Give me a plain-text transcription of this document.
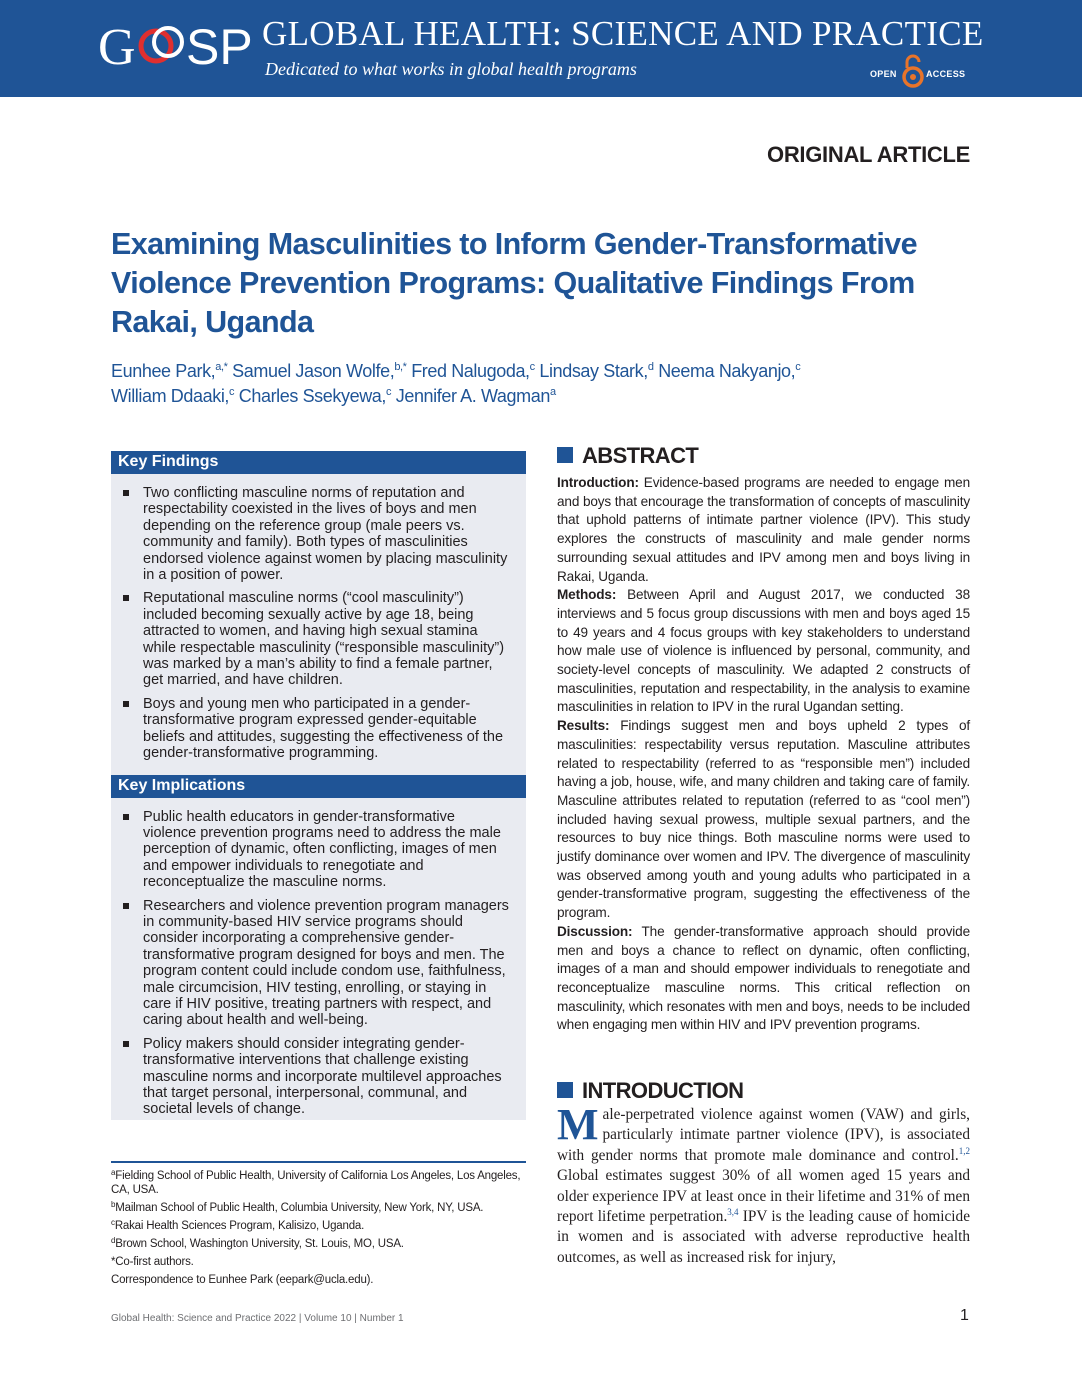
G SP GLOBAL HEALTH: SCIENCE AND PRACTICE
Dedicated to what works in global health programs	OPEN	ACCESS
ORIGINAL ARTICLE
Examining Masculinities to Inform Gender-Transformative Violence Prevention Programs: Qualitative Findings From Rakai, Uganda
Eunhee Park,$^{a,*}$ Samuel Jason Wolfe,$^{b,*}$ Fred Nalugoda,$^c$ Lindsay Stark,$^d$ Neema Nakyanjo,$^c$
William Ddaaki,$^c$ Charles Ssekyewa,$^c$ Jennifer A. Wagman$^a$
Key Findings
Two conflicting masculine norms of reputation and respectability coexisted in the lives of boys and men depending on the reference group (male peers vs. community and family). Both types of masculinities endorsed violence against women by placing masculinity in a position of power.
Reputational masculine norms (“cool masculinity”) included becoming sexually active by age 18, being attracted to women, and having high sexual stamina while respectable masculinity (“responsible masculinity”) was marked by a man’s ability to find a female partner, get married, and have children.
Boys and young men who participated in a gender-transformative program expressed gender-equitable beliefs and attitudes, suggesting the effectiveness of the gender-transformative programming.
Key Implications
Public health educators in gender-transformative violence prevention programs need to address the male perception of dynamic, often conflicting, images of men and empower individuals to renegotiate and reconceptualize the masculine norms.
Researchers and violence prevention program managers in community-based HIV service programs should consider incorporating a comprehensive gender-transformative program designed for boys and men. The program content could include condom use, faithfulness, male circumcision, HIV testing, enrolling, or staying in care if HIV positive, treating partners with respect, and caring about health and well-being.
Policy makers should consider integrating gender-transformative interventions that challenge existing masculine norms and incorporate multilevel approaches that target personal, interpersonal, communal, and societal levels of change.

$^a$Fielding School of Public Health, University of California Los Angeles, Los Angeles, CA, USA.

$^b$Mailman School of Public Health, Columbia University, New York, NY, USA.

$^c$Rakai Health Sciences Program, Kalisizo, Uganda.

$^d$Brown School, Washington University, St. Louis, MO, USA.

*Co-first authors.

Correspondence to Eunhee Park (eepark@ucla.edu).

ABSTRACT

Introduction: Evidence-based programs are needed to engage men and boys that encourage the transformation of concepts of masculinity that uphold patterns of intimate partner violence (IPV). This study explores the constructs of masculinity and male gender norms surrounding sexual attitudes and IPV among men and boys living in Rakai, Uganda.

Methods: Between April and August 2017, we conducted 38 interviews and 5 focus group discussions with men and boys aged 15 to 49 years and 4 focus groups with key stakeholders to understand how male use of violence is influenced by personal, community, and society-level concepts of masculinity. We adapted 2 constructs of masculinities, reputation and respectability, in the analysis to examine masculinities in relation to IPV in the rural Ugandan setting.

Results: Findings suggest men and boys upheld 2 types of masculinities: respectability versus reputation. Masculine attributes related to respectability (referred to as “responsible men”) included having a job, house, wife, and many children and taking care of family. Masculine attributes related to reputation (referred to as “cool men”) included having sexual prowess, multiple sexual partners, and the resources to buy nice things. Both masculine norms were used to justify dominance over women and IPV. The divergence of masculinity was observed among youth and young adults who participated in a gender-transformative program, suggesting the effectiveness of the program.

Discussion: The gender-transformative approach should provide men and boys a chance to reflect on dynamic, often conflicting, images of a man and should empower individuals to renegotiate and reconceptualize masculine norms. This critical reflection on masculinity, which resonates with men and boys, needs to be included when engaging men within HIV and IPV prevention programs.

INTRODUCTION
Male-perpetrated violence against women (VAW) and girls, particularly intimate partner violence (IPV), is associated with gender norms that promote male dominance and control.$^{1,2}$ Global estimates suggest 30% of all women aged 15 years and older experience IPV at least once in their lifetime and 31% of men report lifetime perpetration.$^{3,4}$ IPV is the leading cause of homicide in women and is associated with adverse reproductive health outcomes, as well as increased risk for injury,
Global Health: Science and Practice 2022 | Volume 10 | Number 1	1
